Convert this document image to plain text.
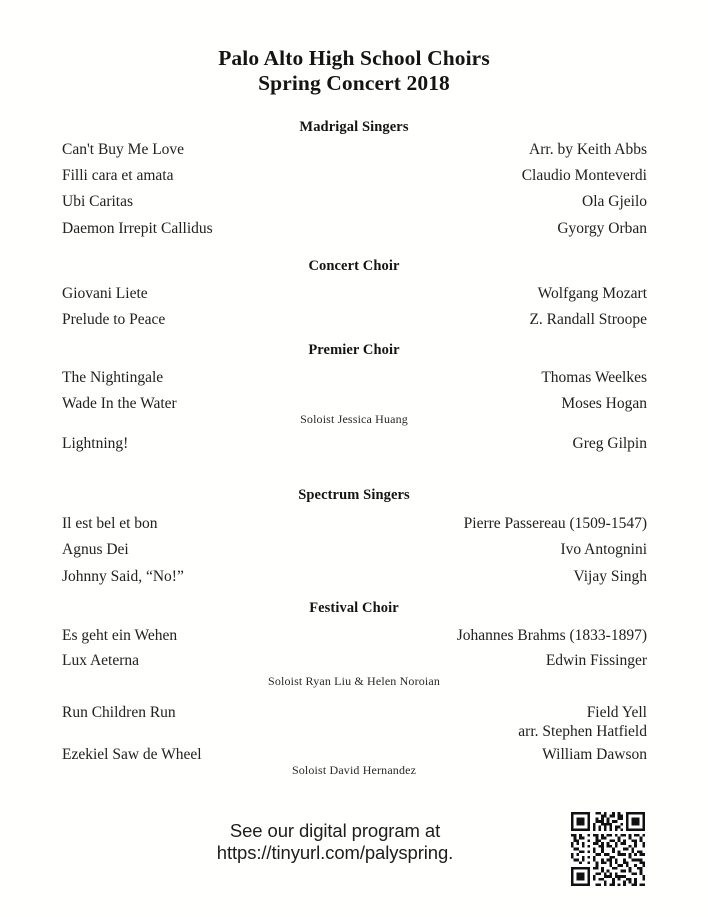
Palo Alto High School Choirs
Spring Concert 2018
Madrigal Singers
Can't Buy Me Love	Arr. by Keith Abbs
Filli cara et amata	Claudio Monteverdi
Ubi Caritas	Ola Gjeilo
Daemon Irrepit Callidus	Gyorgy Orban
Concert Choir
Giovani Liete	Wolfgang Mozart
Prelude to Peace	Z. Randall Stroope
Premier Choir
The Nightingale	Thomas Weelkes
Wade In the Water	Moses Hogan
Soloist Jessica Huang
Lightning!	Greg Gilpin
Spectrum Singers
Il est bel et bon	Pierre Passereau (1509-1547)
Agnus Dei	Ivo Antognini
Johnny Said, “No!”	Vijay Singh
Festival Choir
Es geht ein Wehen	Johannes Brahms (1833-1897)
Lux Aeterna	Edwin Fissinger
Soloist Ryan Liu & Helen Noroian
Run Children Run	Field Yell
arr. Stephen Hatfield
Ezekiel Saw de Wheel	William Dawson
Soloist David Hernandez
See our digital program at https://tinyurl.com/palyspring.
